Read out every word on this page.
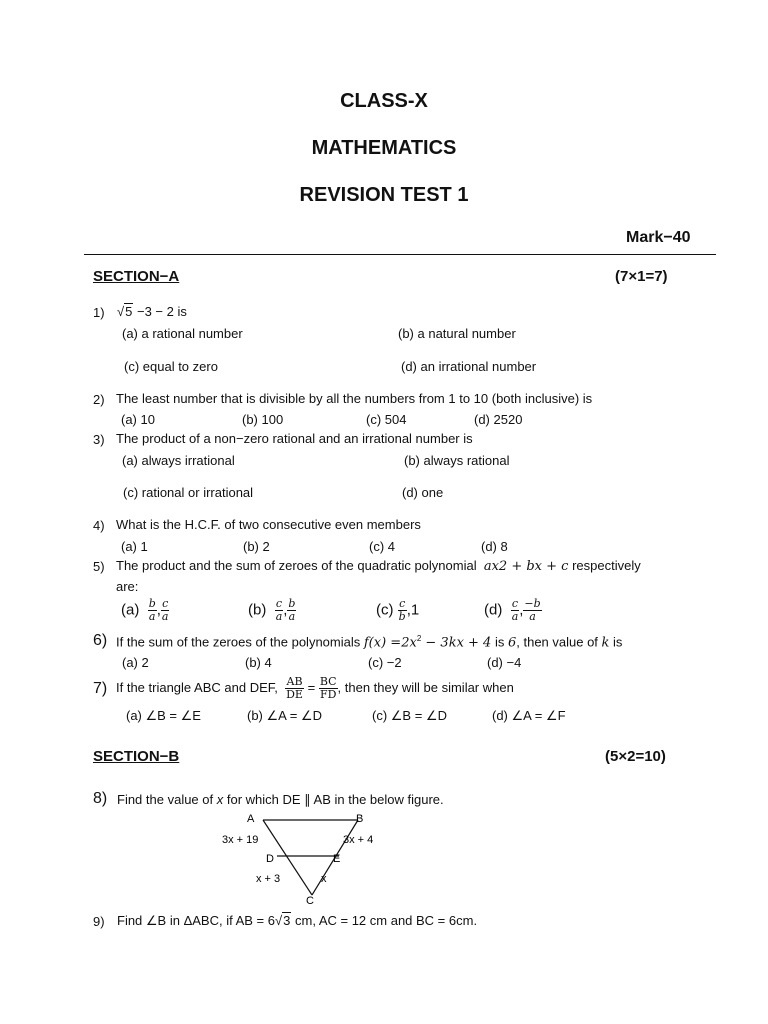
CLASS-X
MATHEMATICS
REVISION TEST 1
Mark−40
SECTION−A	(7×1=7)
1) √5 −3 − 2 is
(a) a rational number	(b) a natural number
(c) equal to zero	(d) an irrational number
2) The least number that is divisible by all the numbers from 1 to 10 (both inclusive) is
(a) 10	(b) 100	(c) 504	(d) 2520
3) The product of a non−zero rational and an irrational number is
(a) always irrational	(b) always rational
(c) rational or irrational	(d) one
4) What is the H.C.F. of two consecutive even members
(a) 1	(b) 2	(c) 4	(d) 8
5) The product and the sum of zeroes of the quadratic polynomial ax2 + bx + c respectively
are:
$(a) \frac{b}{a}$ , $\frac{c}{a}$	$(b) \frac{c}{a}$ , $\frac{b}{a}$	$(c) \frac{c}{b} ,1$	$(d) \frac{c}{a}$ , $\frac{-b}{a}$
6) If the sum of the zeroes of the polynomials $f(x) =2x^2 - 3kx + 4$ is 6, then value of k is
(a) 2	(b) 4	(c) −2	(d) −4
7) If the triangle ABC and DEF, $\frac{AB}{DE} = \frac{BC}{FD}$ , then they will be similar when
(a) ∠B = ∠E	(b) ∠A = ∠D	(c) ∠B = ∠D	(d) ∠A = ∠F
SECTION−B	(5×2=10)
8) Find the value of x for which DE ∥ AB in the below figure.
A	B
C
D	E
3x + 19	3x + 4
x + 3	x
9) Find ∠B in ΔABC, if AB = 6√3 cm, AC = 12 cm and BC = 6cm.
